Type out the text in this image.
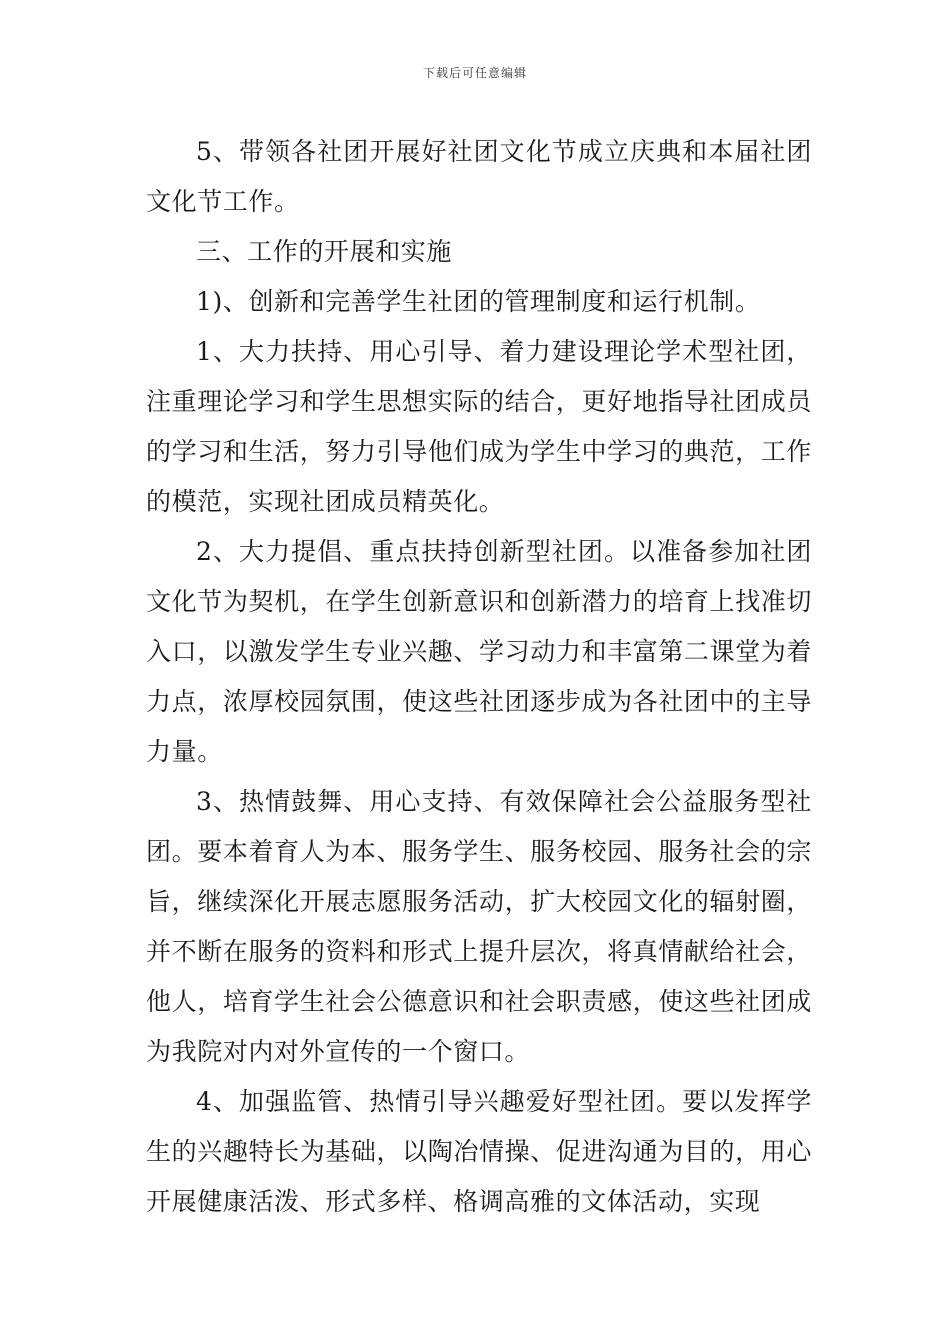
下载后可任意编辑

5、带领各社团开展好社团文化节成立庆典和本届社团文化节工作。

三、工作的开展和实施

1)、创新和完善学生社团的管理制度和运行机制。

1、大力扶持、用心引导、着力建设理论学术型社团，注重理论学习和学生思想实际的结合，更好地指导社团成员的学习和生活，努力引导他们成为学生中学习的典范，工作的模范，实现社团成员精英化。

2、大力提倡、重点扶持创新型社团。以准备参加社团文化节为契机，在学生创新意识和创新潜力的培育上找准切入口，以激发学生专业兴趣、学习动力和丰富第二课堂为着力点，浓厚校园氛围，使这些社团逐步成为各社团中的主导力量。

3、热情鼓舞、用心支持、有效保障社会公益服务型社团。要本着育人为本、服务学生、服务校园、服务社会的宗旨，继续深化开展志愿服务活动，扩大校园文化的辐射圈，并不断在服务的资料和形式上提升层次，将真情献给社会，他人，培育学生社会公德意识和社会职责感，使这些社团成为我院对内对外宣传的一个窗口。

4、加强监管、热情引导兴趣爱好型社团。要以发挥学生的兴趣特长为基础，以陶冶情操、促进沟通为目的，用心开展健康活泼、形式多样、格调高雅的文体活动，实现
